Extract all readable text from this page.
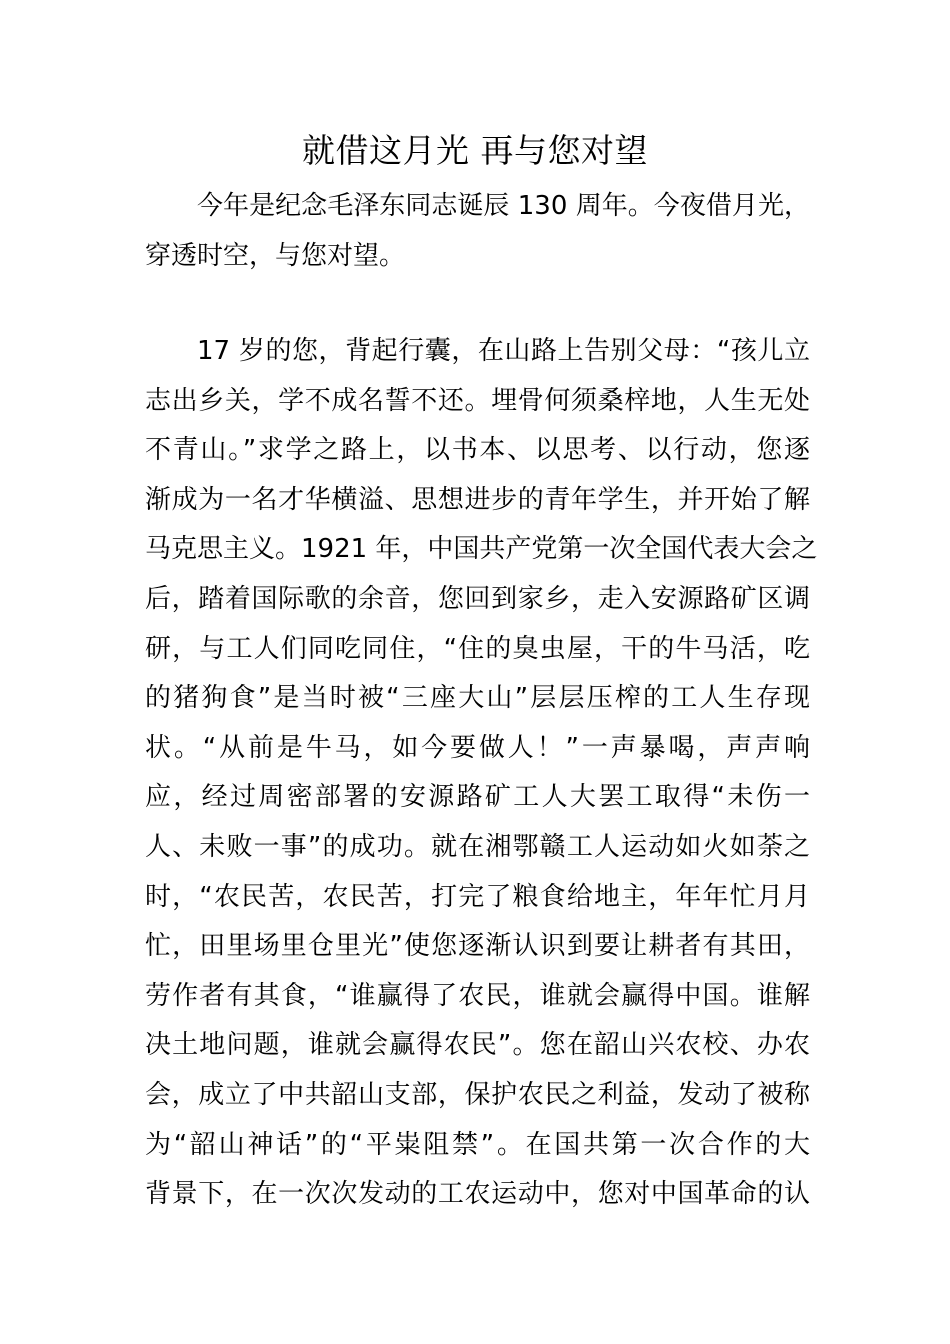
就借这月光 再与您对望

今年是纪念毛泽东同志诞辰 130 周年。今夜借月光，
穿透时空，与您对望。

17 岁的您，背起行囊，在山路上告别父母：“孩儿立
志出乡关，学不成名誓不还。埋骨何须桑梓地，人生无处
不青山。”求学之路上，以书本、以思考、以行动，您逐
渐成为一名才华横溢、思想进步的青年学生，并开始了解
马克思主义。1921 年，中国共产党第一次全国代表大会之
后，踏着国际歌的余音，您回到家乡，走入安源路矿区调
研，与工人们同吃同住，“住的臭虫屋，干的牛马活，吃
的猪狗食”是当时被“三座大山”层层压榨的工人生存现
状。“从前是牛马，如今要做人！”一声暴喝，声声响
应，经过周密部署的安源路矿工人大罢工取得“未伤一
人、未败一事”的成功。就在湘鄂赣工人运动如火如荼之
时，“农民苦，农民苦，打完了粮食给地主，年年忙月月
忙，田里场里仓里光”使您逐渐认识到要让耕者有其田，
劳作者有其食，“谁赢得了农民，谁就会赢得中国。谁解
决土地问题，谁就会赢得农民”。您在韶山兴农校、办农
会，成立了中共韶山支部，保护农民之利益，发动了被称
为“韶山神话”的“平粜阻禁”。在国共第一次合作的大
背景下，在一次次发动的工农运动中，您对中国革命的认
